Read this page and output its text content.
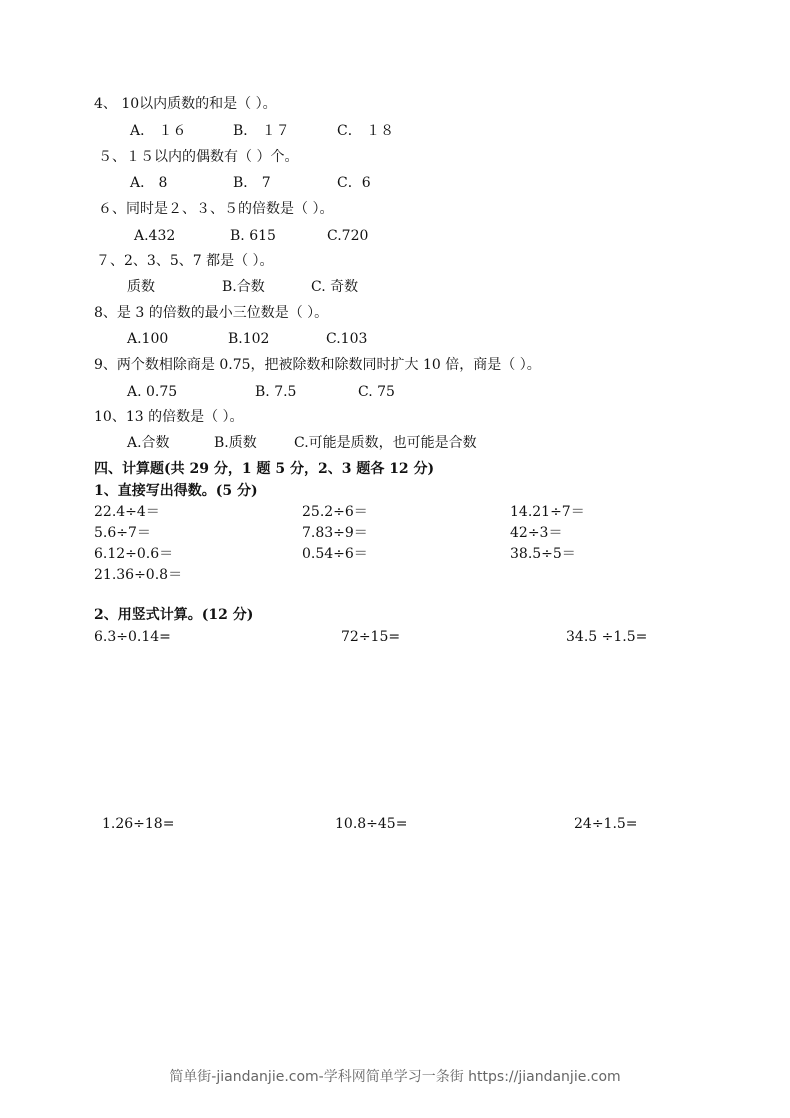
4、 10以内质数的和是（ ）。
A． １６	B． １７	C． １８
５、１５以内的偶数有（ ）个。
A． 8	B． 7	C．6
６、同时是２、３、５的倍数是（ ）。
A.432	B. 615	C.720
７、2、3、5、7 都是（ ）。
质数	B.合数	C. 奇数
8、是 3 的倍数的最小三位数是（ ）。
A.100	B.102	C.103
9、两个数相除商是 0.75，把被除数和除数同时扩大 10 倍，商是（ ）。
A. 0.75	B. 7.5	C. 75
10、13 的倍数是（ ）。
A.合数	B.质数	C.可能是质数，也可能是合数
四、计算题(共 29 分，1 题 5 分，2、3 题各 12 分)
1、直接写出得数。(5 分)
22.4÷4＝	25.2÷6＝	14.21÷7＝
5.6÷7＝	7.83÷9＝	42÷3＝
6.12÷0.6＝	0.54÷6＝	38.5÷5＝
21.36÷0.8＝
2、用竖式计算。(12 分)
6.3÷0.14=	72÷15=	34.5 ÷1.5=
1.26÷18=	10.8÷45=	24÷1.5=
简单街-jiandanjie.com-学科网简单学习一条街 https://jiandanjie.com
